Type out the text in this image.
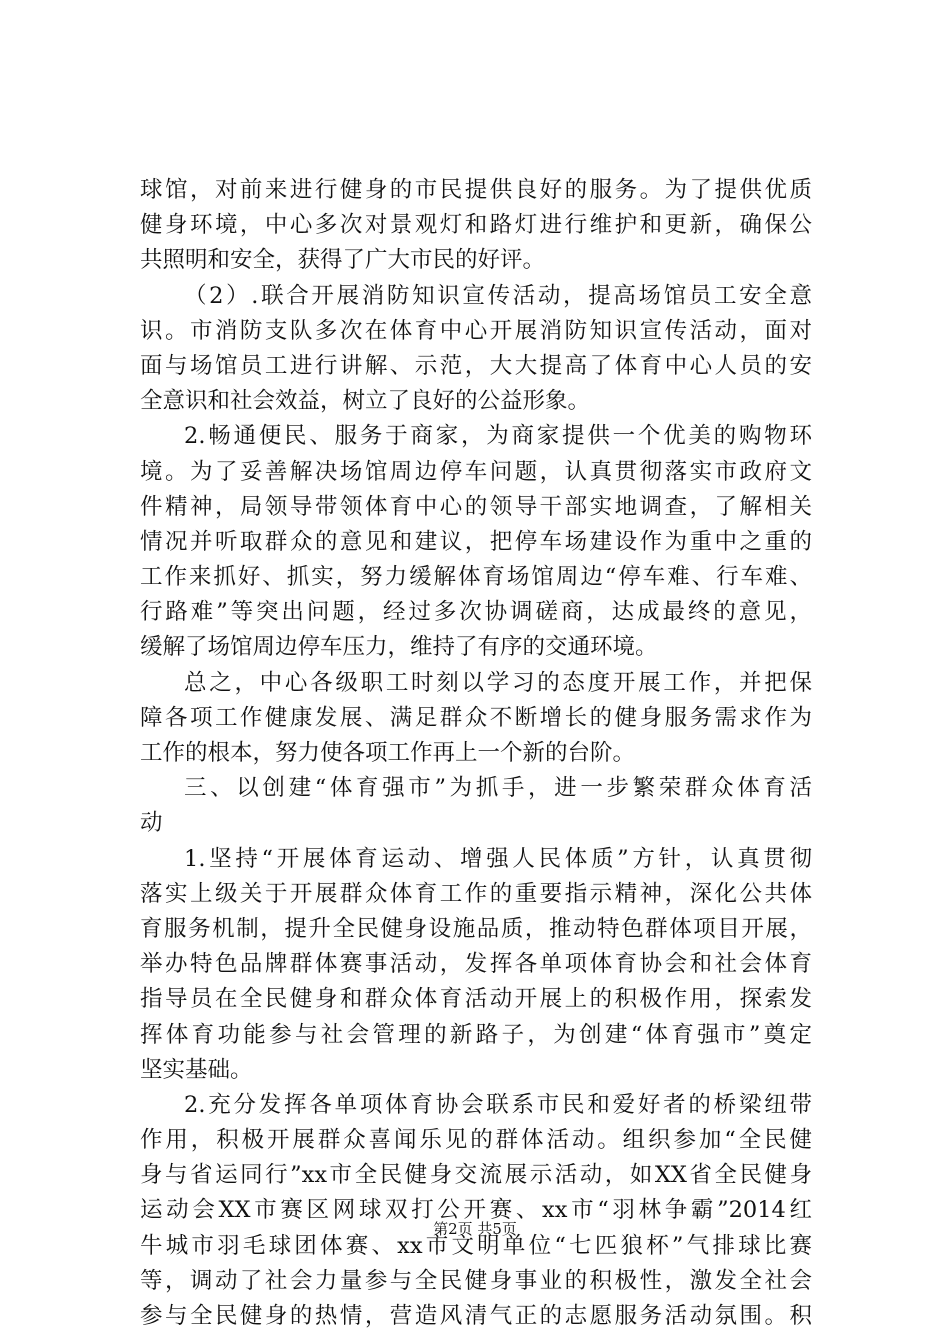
球馆，对前来进行健身的市民提供良好的服务。为了提供优质
健身环境，中心多次对景观灯和路灯进行维护和更新，确保公
共照明和安全，获得了广大市民的好评。
（2）.联合开展消防知识宣传活动，提高场馆员工安全意
识。市消防支队多次在体育中心开展消防知识宣传活动，面对
面与场馆员工进行讲解、示范，大大提高了体育中心人员的安
全意识和社会效益，树立了良好的公益形象。
2.畅通便民、服务于商家，为商家提供一个优美的购物环
境。为了妥善解决场馆周边停车问题，认真贯彻落实市政府文
件精神，局领导带领体育中心的领导干部实地调查，了解相关
情况并听取群众的意见和建议，把停车场建设作为重中之重的
工作来抓好、抓实，努力缓解体育场馆周边“停车难、行车难、
行路难”等突出问题，经过多次协调磋商，达成最终的意见，
缓解了场馆周边停车压力，维持了有序的交通环境。
总之，中心各级职工时刻以学习的态度开展工作，并把保
障各项工作健康发展、满足群众不断增长的健身服务需求作为
工作的根本，努力使各项工作再上一个新的台阶。
三、以创建“体育强市”为抓手，进一步繁荣群众体育活
动
1.坚持“开展体育运动、增强人民体质”方针，认真贯彻
落实上级关于开展群众体育工作的重要指示精神，深化公共体
育服务机制，提升全民健身设施品质，推动特色群体项目开展，
举办特色品牌群体赛事活动，发挥各单项体育协会和社会体育
指导员在全民健身和群众体育活动开展上的积极作用，探索发
挥体育功能参与社会管理的新路子，为创建“体育强市”奠定
坚实基础。
2.充分发挥各单项体育协会联系市民和爱好者的桥梁纽带
作用，积极开展群众喜闻乐见的群体活动。组织参加“全民健
身与省运同行”xx市全民健身交流展示活动，如XX省全民健身
运动会XX市赛区网球双打公开赛、xx市“羽林争霸”2014红
牛城市羽毛球团体赛、xx市文明单位“七匹狼杯”气排球比赛
等，调动了社会力量参与全民健身事业的积极性，激发全社会
参与全民健身的热情，营造风清气正的志愿服务活动氛围。积
第2页 共5页
